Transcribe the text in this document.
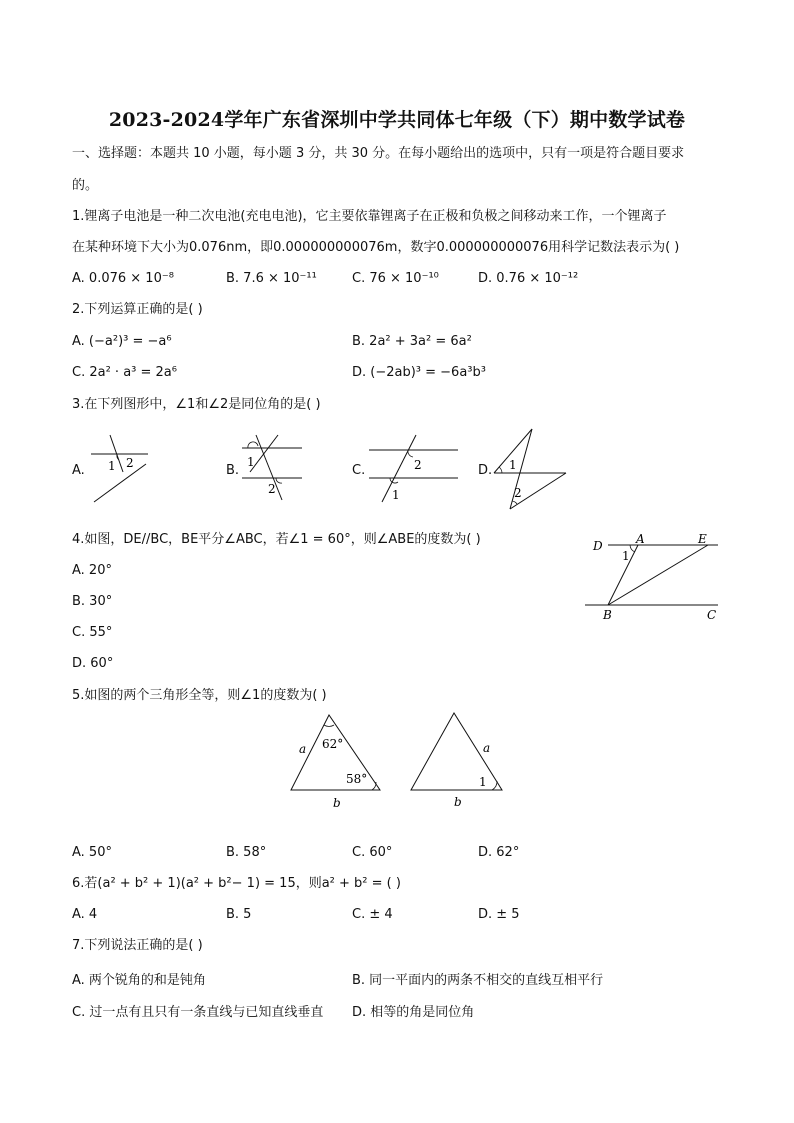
2023-2024学年广东省深圳中学共同体七年级（下）期中数学试卷
一、选择题：本题共 10 小题，每小题 3 分，共 30 分。在每小题给出的选项中，只有一项是符合题目要求
的。
1.锂离子电池是一种二次电池(充电电池)，它主要依靠锂离子在正极和负极之间移动来工作，一个锂离子
在某种环境下大小为0.076nm，即0.000000000076m，数字0.000000000076用科学记数法表示为( )
A. 0.076 × 10⁻⁸	B. 7.6 × 10⁻¹¹	C. 76 × 10⁻¹⁰	D. 0.76 × 10⁻¹²
2.下列运算正确的是( )
A. (−a²)³ = −a⁶	B. 2a² + 3a² = 6a²
C. 2a² · a³ = 2a⁶	D. (−2ab)³ = −6a³b³
3.在下列图形中，∠1和∠2是同位角的是( )
A.	B.	C.	D.
1 2	1
2
2
1
1
2
4.如图，DE//BC，BE平分∠ABC，若∠1 = 60°，则∠ABE的度数为( )
A. 20°
B. 30°
C. 55°
D. 60°
D	A	E
1
B	C
5.如图的两个三角形全等，则∠1的度数为( )
62°
58°
a
b
a
b
1
A. 50°	B. 58°	C. 60°	D. 62°
6.若(a² + b² + 1)(a² + b²− 1) = 15，则a² + b² = ( )
A. 4	B. 5	C. ± 4	D. ± 5
7.下列说法正确的是( )
A. 两个锐角的和是钝角	B. 同一平面内的两条不相交的直线互相平行
C. 过一点有且只有一条直线与已知直线垂直 D. 相等的角是同位角
